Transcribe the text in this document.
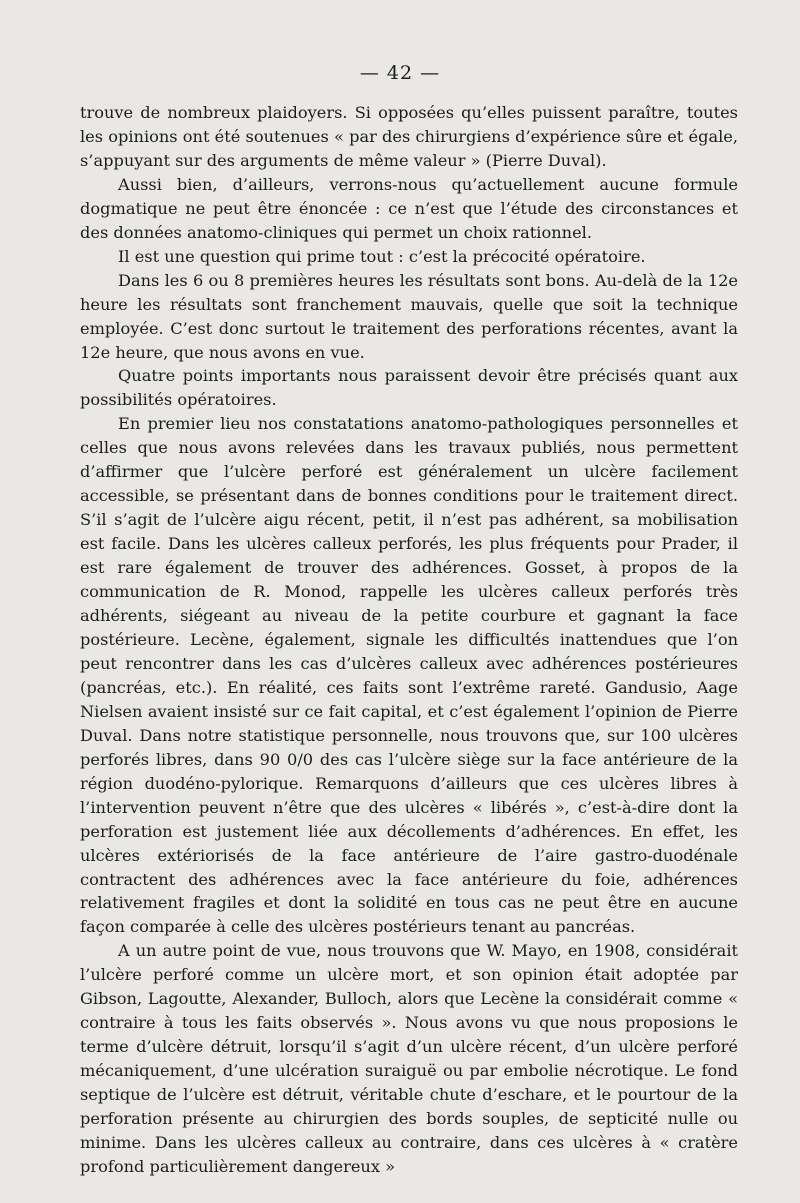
— 42 —

trouve de nombreux plaidoyers. Si opposées qu’elles puissent paraître, toutes les opinions ont été soutenues « par des chirurgiens d’expérience sûre et égale, s’appuyant sur des arguments de même valeur » (Pierre Duval).

Aussi bien, d’ailleurs, verrons-nous qu’actuellement aucune formule dogmatique ne peut être énoncée : ce n’est que l’étude des circonstances et des données anatomo-cliniques qui permet un choix rationnel.

Il est une question qui prime tout : c’est la précocité opératoire.

Dans les 6 ou 8 premières heures les résultats sont bons. Au-delà de la 12e heure les résultats sont franchement mauvais, quelle que soit la technique employée. C’est donc surtout le traitement des perforations récentes, avant la 12e heure, que nous avons en vue.

Quatre points importants nous paraissent devoir être précisés quant aux possibilités opératoires.

En premier lieu nos constatations anatomo-pathologiques personnelles et celles que nous avons relevées dans les travaux publiés, nous permettent d’affirmer que l’ulcère perforé est généralement un ulcère facilement accessible, se présentant dans de bonnes conditions pour le traitement direct. S’il s’agit de l’ulcère aigu récent, petit, il n’est pas adhérent, sa mobilisation est facile. Dans les ulcères calleux perforés, les plus fréquents pour Prader, il est rare également de trouver des adhérences. Gosset, à propos de la communication de R. Monod, rappelle les ulcères calleux perforés très adhérents, siégeant au niveau de la petite courbure et gagnant la face postérieure. Lecène, également, signale les difficultés inattendues que l’on peut rencontrer dans les cas d’ulcères calleux avec adhérences postérieures (pancréas, etc.). En réalité, ces faits sont l’extrême rareté. Gandusio, Aage Nielsen avaient insisté sur ce fait capital, et c’est également l’opinion de Pierre Duval. Dans notre statistique personnelle, nous trouvons que, sur 100 ulcères perforés libres, dans 90 0/0 des cas l’ulcère siège sur la face antérieure de la région duodéno-pylorique. Remarquons d’ailleurs que ces ulcères libres à l’intervention peuvent n’être que des ulcères « libérés », c’est-à-dire dont la perforation est justement liée aux décollements d’adhérences. En effet, les ulcères extériorisés de la face antérieure de l’aire gastro-duodénale contractent des adhérences avec la face antérieure du foie, adhérences relativement fragiles et dont la solidité en tous cas ne peut être en aucune façon comparée à celle des ulcères postérieurs tenant au pancréas.

A un autre point de vue, nous trouvons que W. Mayo, en 1908, considérait l’ulcère perforé comme un ulcère mort, et son opinion était adoptée par Gibson, Lagoutte, Alexander, Bulloch, alors que Lecène la considérait comme « contraire à tous les faits observés ». Nous avons vu que nous proposions le terme d’ulcère détruit, lorsqu’il s’agit d’un ulcère récent, d’un ulcère perforé mécaniquement, d’une ulcération suraiguë ou par embolie nécrotique. Le fond septique de l’ulcère est détruit, véritable chute d’eschare, et le pourtour de la perforation présente au chirurgien des bords souples, de septicité nulle ou minime. Dans les ulcères calleux au contraire, dans ces ulcères à « cratère profond particulièrement dangereux »
